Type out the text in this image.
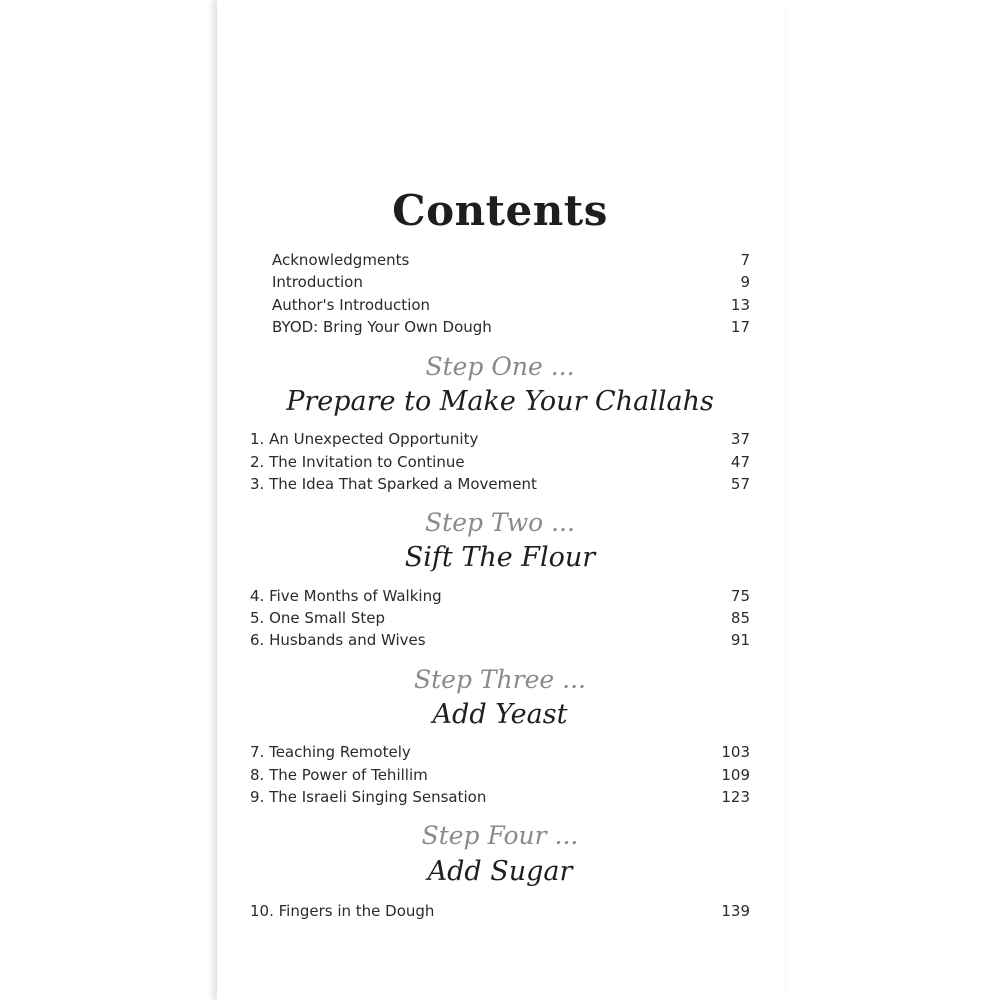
Contents
Acknowledgments	7
Introduction	9
Author's Introduction	13
BYOD: Bring Your Own Dough	17
Step One ...
Prepare to Make Your Challahs
1. An Unexpected Opportunity	37
2. The Invitation to Continue	47
3. The Idea That Sparked a Movement	57
Step Two ...
Sift The Flour
4. Five Months of Walking	75
5. One Small Step	85
6. Husbands and Wives	91
Step Three ...
Add Yeast
7. Teaching Remotely	103
8. The Power of Tehillim	109
9. The Israeli Singing Sensation	123
Step Four ...
Add Sugar
10. Fingers in the Dough	139
